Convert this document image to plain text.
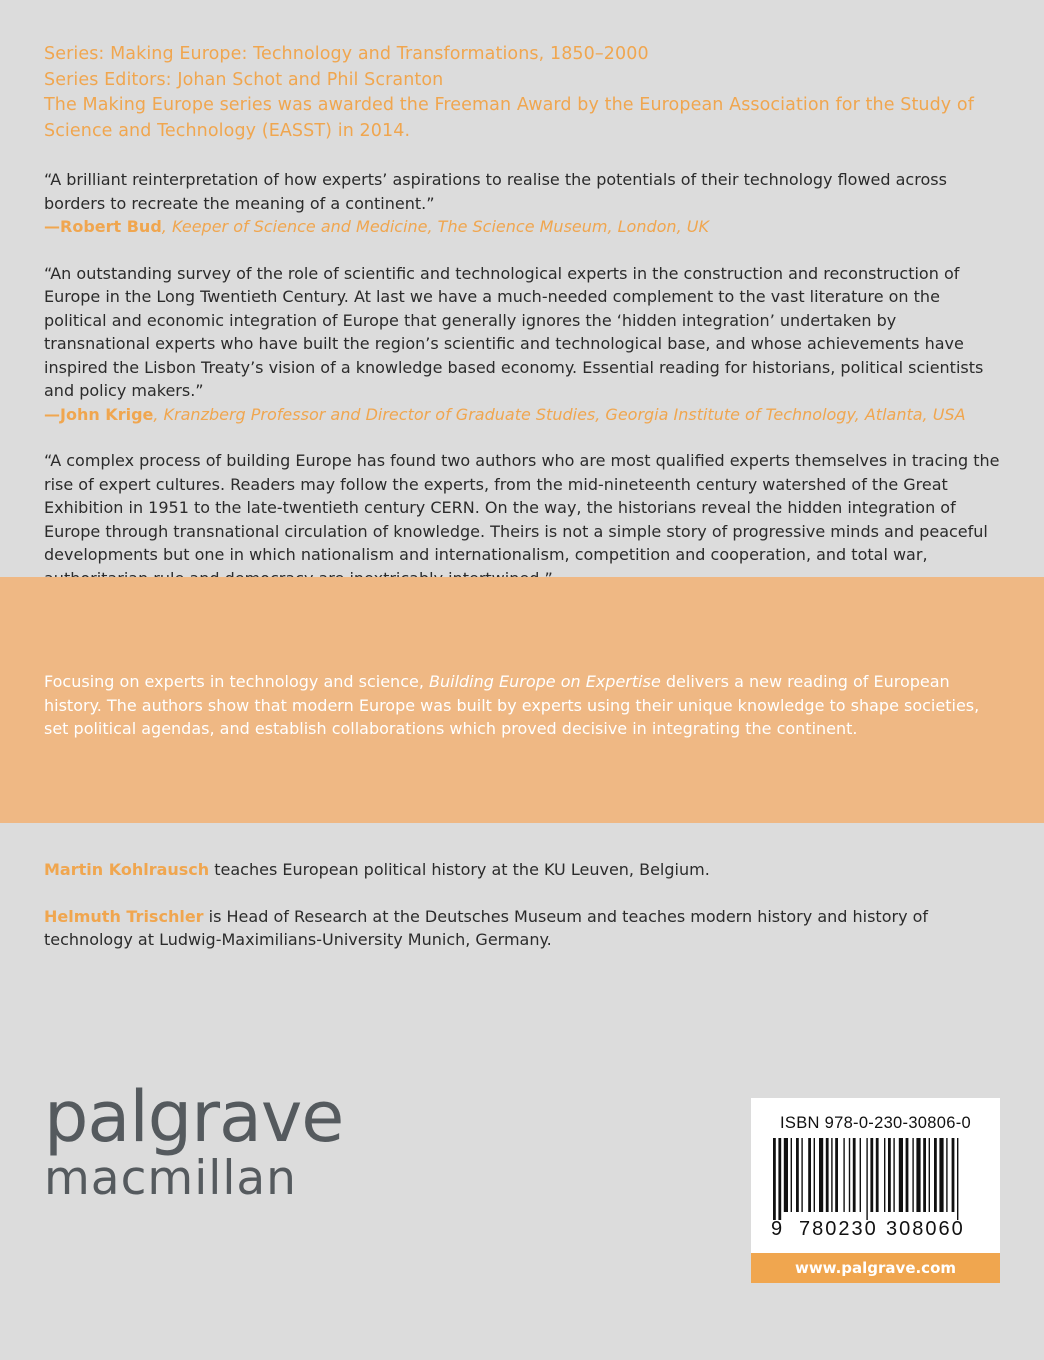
Series: Making Europe: Technology and Transformations, 1850–2000
Series Editors: Johan Schot and Phil Scranton
The Making Europe series was awarded the Freeman Award by the European Association for the Study of Science and Technology (EASST) in 2014.

“A brilliant reinterpretation of how experts’ aspirations to realise the potentials of their technology flowed across borders to recreate the meaning of a continent.”

—Robert Bud, Keeper of Science and Medicine, The Science Museum, London, UK

“An outstanding survey of the role of scientific and technological experts in the construction and reconstruction of Europe in the Long Twentieth Century. At last we have a much-needed complement to the vast literature on the political and economic integration of Europe that generally ignores the ‘hidden integration’ undertaken by transnational experts who have built the region’s scientific and technological base, and whose achievements have inspired the Lisbon Treaty’s vision of a knowledge based economy. Essential reading for historians, political scientists and policy makers.”

—John Krige, Kranzberg Professor and Director of Graduate Studies, Georgia Institute of Technology, Atlanta, USA

“A complex process of building Europe has found two authors who are most qualified experts themselves in tracing the rise of expert cultures. Readers may follow the experts, from the mid-nineteenth century watershed of the Great Exhibition in 1951 to the late-twentieth century CERN. On the way, the historians reveal the hidden integration of Europe through transnational circulation of knowledge. Theirs is not a simple story of progressive minds and peaceful developments but one in which nationalism and internationalism, competition and cooperation, and total war,

Focusing on experts in technology and science, Building Europe on Expertise delivers a new reading of European history. The authors show that modern Europe was built by experts using their unique knowledge to shape societies, set political agendas, and establish collaborations which proved decisive in integrating the continent.

Martin Kohlrausch teaches European political history at the KU Leuven, Belgium.

Helmuth Trischler is Head of Research at the Deutsches Museum and teaches modern history and history of technology at Ludwig-Maximilians-University Munich, Germany.

palgrave
macmillan
ISBN 978-0-230-30806-0
9 780230 308060
www.palgrave.com
